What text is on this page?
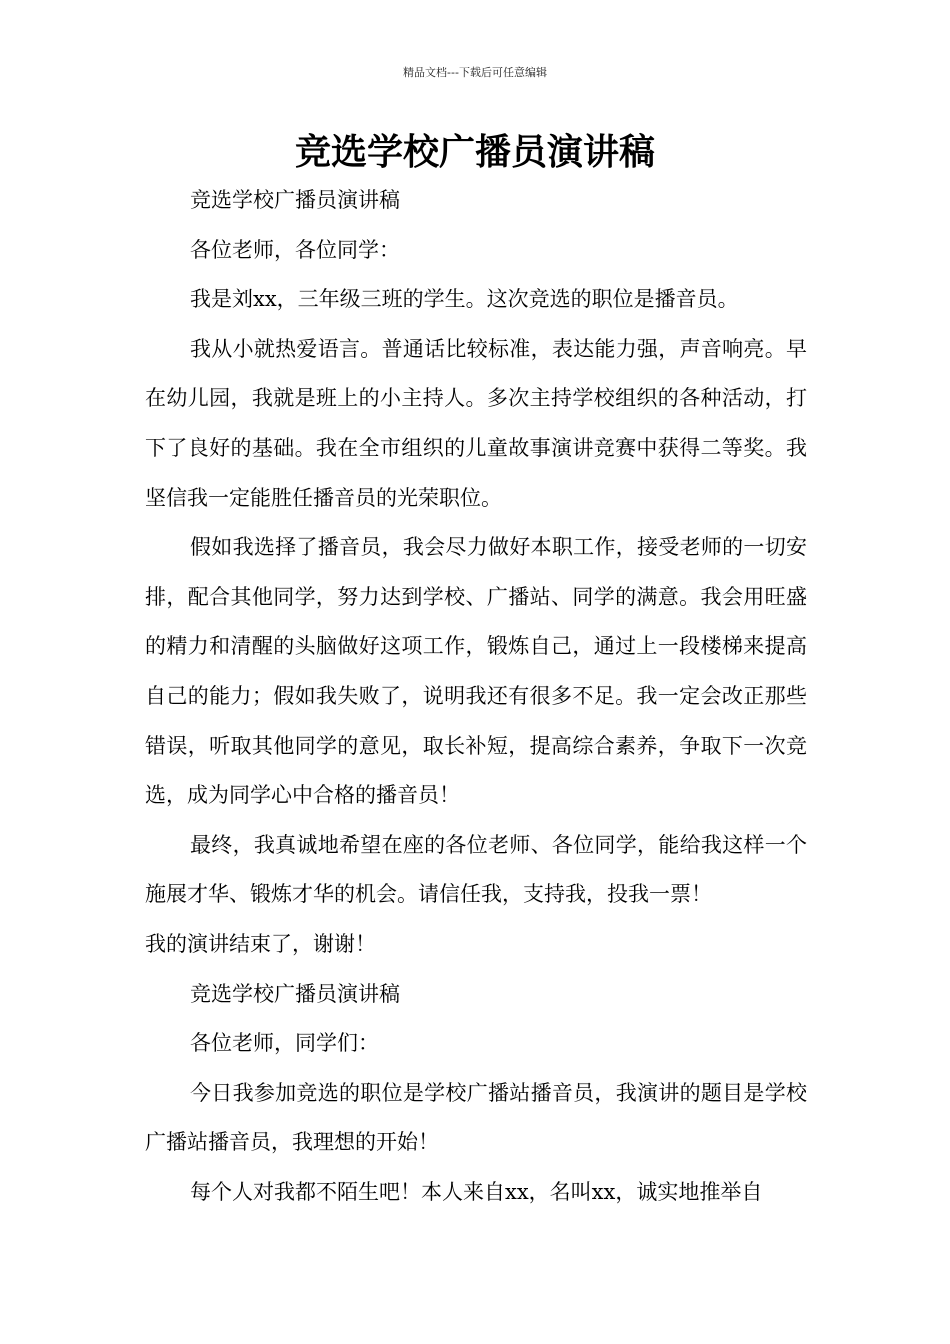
精品文档---下载后可任意编辑
竞选学校广播员演讲稿

竞选学校广播员演讲稿

各位老师，各位同学：

我是刘xx，三年级三班的学生。这次竞选的职位是播音员。

我从小就热爱语言。普通话比较标准，表达能力强，声音响亮。早在幼儿园，我就是班上的小主持人。多次主持学校组织的各种活动，打下了良好的基础。我在全市组织的儿童故事演讲竞赛中获得二等奖。我坚信我一定能胜任播音员的光荣职位。

假如我选择了播音员，我会尽力做好本职工作，接受老师的一切安排，配合其他同学，努力达到学校、广播站、同学的满意。我会用旺盛的精力和清醒的头脑做好这项工作，锻炼自己，通过上一段楼梯来提高自己的能力；假如我失败了，说明我还有很多不足。我一定会改正那些错误，听取其他同学的意见，取长补短，提高综合素养，争取下一次竞选，成为同学心中合格的播音员！

最终，我真诚地希望在座的各位老师、各位同学，能给我这样一个施展才华、锻炼才华的机会。请信任我，支持我，投我一票！

我的演讲结束了，谢谢！

竞选学校广播员演讲稿

各位老师，同学们：

今日我参加竞选的职位是学校广播站播音员，我演讲的题目是学校广播站播音员，我理想的开始！

每个人对我都不陌生吧！本人来自xx，名叫xx，诚实地推举自
